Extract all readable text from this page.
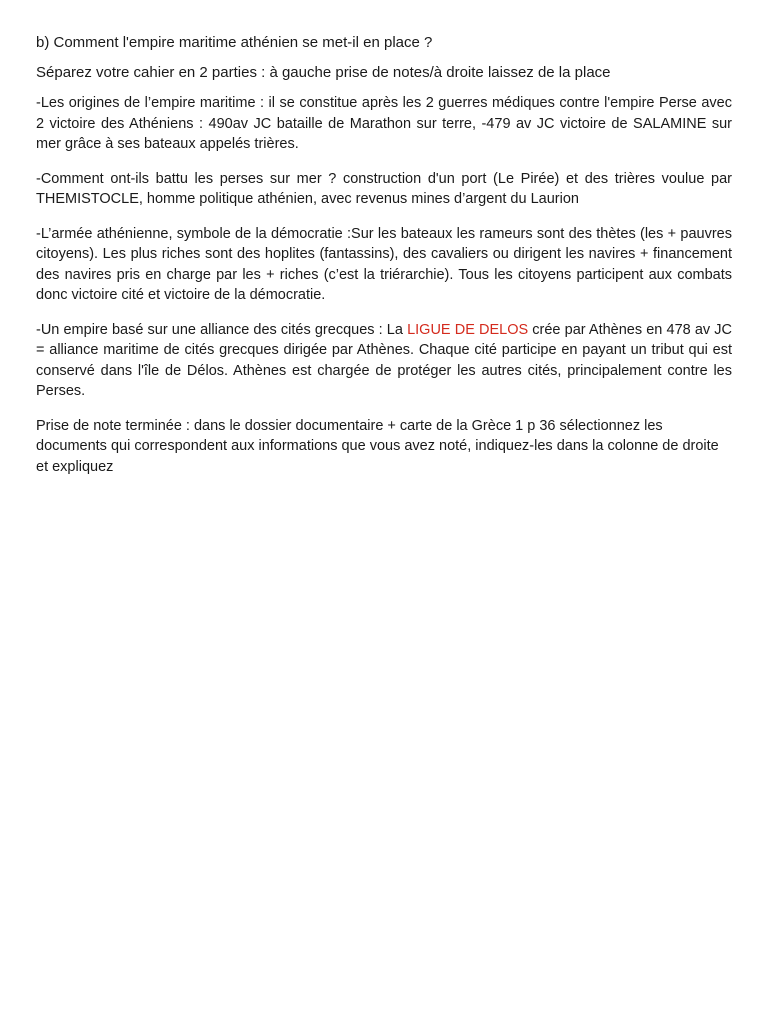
b) Comment l'empire maritime athénien se met-il en place ?

Séparez votre cahier en 2 parties : à gauche prise de notes/à droite laissez de la place

-Les origines de l’empire maritime : il se constitue après les 2 guerres médiques contre l'empire Perse avec 2 victoire des Athéniens : 490av JC bataille de Marathon sur terre, -479 av JC victoire de SALAMINE sur mer grâce à ses bateaux appelés trières.

-Comment ont-ils battu les perses sur mer ? construction d'un port (Le Pirée) et des trières voulue par THEMISTOCLE, homme politique athénien, avec revenus mines d’argent du Laurion

-L’armée athénienne, symbole de la démocratie :Sur les bateaux les rameurs sont des thètes (les + pauvres citoyens). Les plus riches sont des hoplites (fantassins), des cavaliers ou dirigent les navires + financement des navires pris en charge par les + riches (c’est la triérarchie). Tous les citoyens participent aux combats donc victoire cité et victoire de la démocratie.

-Un empire basé sur une alliance des cités grecques : La LIGUE DE DELOS crée par Athènes en 478 av JC = alliance maritime de cités grecques dirigée par Athènes. Chaque cité participe en payant un tribut qui est conservé dans l'île de Délos. Athènes est chargée de protéger les autres cités, principalement contre les Perses.

Prise de note terminée : dans le dossier documentaire + carte de la Grèce 1 p 36 sélectionnez les documents qui correspondent aux informations que vous avez noté, indiquez-les dans la colonne de droite et expliquez
